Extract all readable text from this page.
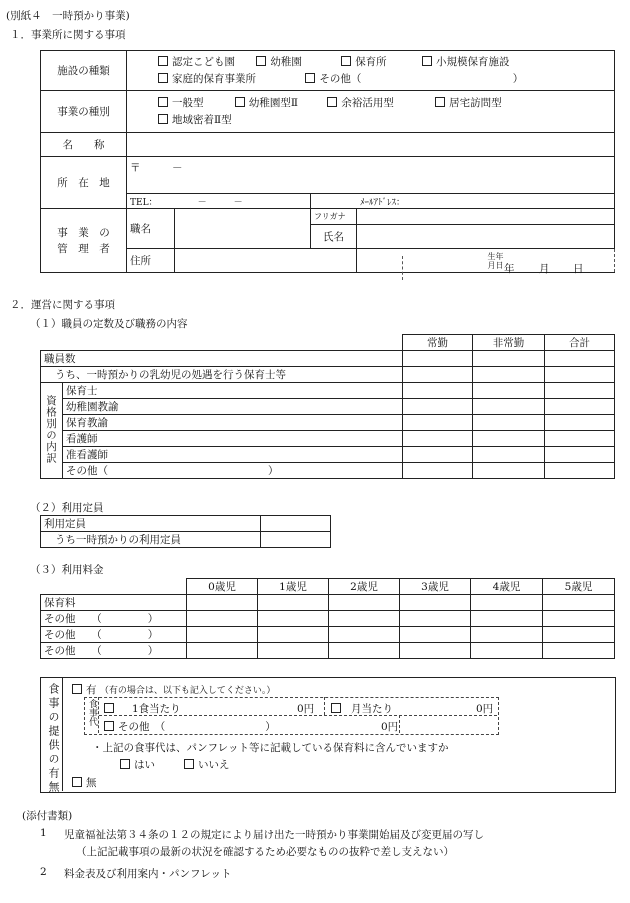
(別紙４　一時預かり事業)
１．事業所に関する事項
施設の種類	認定こども園 幼稚園 保育所 小規模保育施設
家庭的保育事業所 その他（ ）			
事業の種別	一般型 幼稚園型Ⅱ 余裕活用型 居宅訪問型
地域密着Ⅱ型			
名　　称				
所　在　地	〒　　　－			
	TEL： －　　　－		ﾒｰﾙｱﾄﾞﾚｽ：	
事　業　の
管　理　者	職名		フリガナ	
			氏名	
	住所			生年
月日 年 月 日
２．運営に関する事項
（１）職員の定数及び職務の内容
		常勤	非常勤	合計
職員数				
うち、一時預かりの乳幼児の処遇を行う保育士等				
資格別の内訳	保育士			
	幼稚園教諭			
	保育教諭			
	看護師			
	准看護師			
	その他（ ）			
（２）利用定員
利用定員	
うち一時預かりの利用定員	
（３）利用料金
	0歳児	1歳児	2歳児	3歳児	4歳児	5歳児
保育料						
その他　　（ ）						
その他　　（ ）						
その他　　（ ）						
食事の提供の有無	有 （有の場合は、以下も記入してください。）
食事代	1食当たり	0円	月当たり	0円
その他　（	）	0円
・上記の食事代は、パンフレット等に記載している保育料に含んでいますか
はい	いいえ
無
(添付書類)
1 児童福祉法第３４条の１２の規定により届け出た一時預かり事業開始届及び変更届の写し
（上記記載事項の最新の状況を確認するため必要なものの抜粋で差し支えない）
2 料金表及び利用案内・パンフレット
